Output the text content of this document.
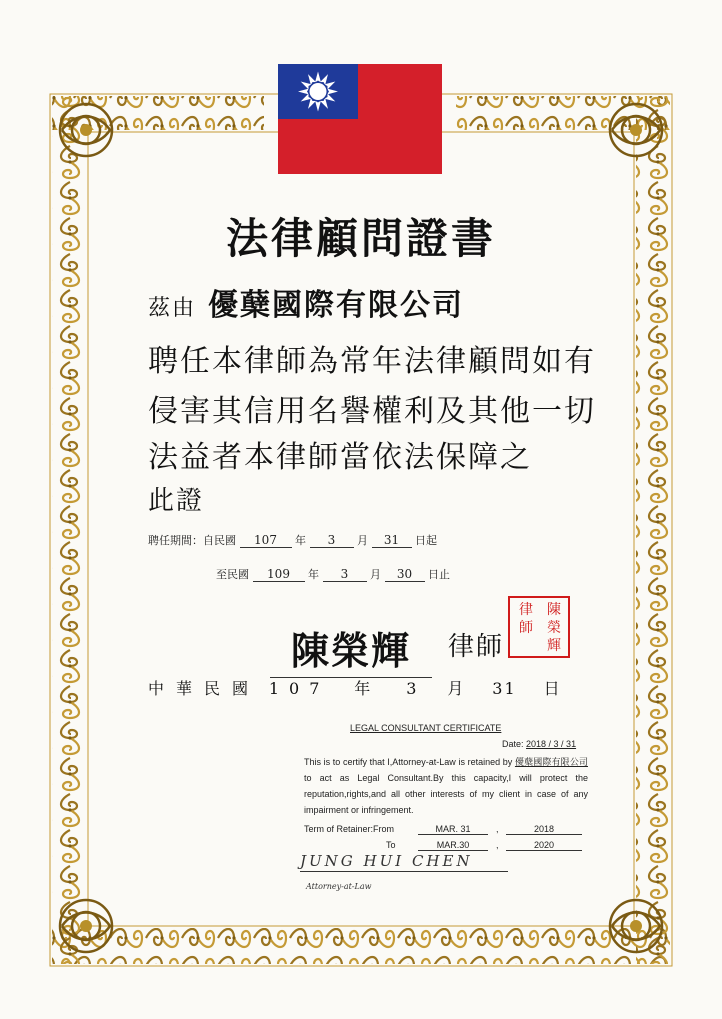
法律顧問證書
茲由 優蘖國際有限公司
聘任本律師為常年法律顧問如有
侵害其信用名譽權利及其他一切
法益者本律師當依法保障之
此證
聘任期間：自民國 107 年 3 月 31 日起
至民國 109 年 3 月 30 日止
陳榮輝	律師
陳榮輝
律師
中華民國 107 年 3 月 31 日
LEGAL CONSULTANT CERTIFICATE
Date: 2018 / 3 / 31
This is to certify that I,Attorney-at-Law is retained by 優蘖國際有限公司 to act as Legal Consultant.By this capacity,I will protect the reputation,rights,and all other interests of my client in case of any impairment or infringement.
Term of Retainer:From	MAR. 31	,	2018
To	MAR.30	,	2020
JUNG HUI CHEN
Attorney-at-Law
